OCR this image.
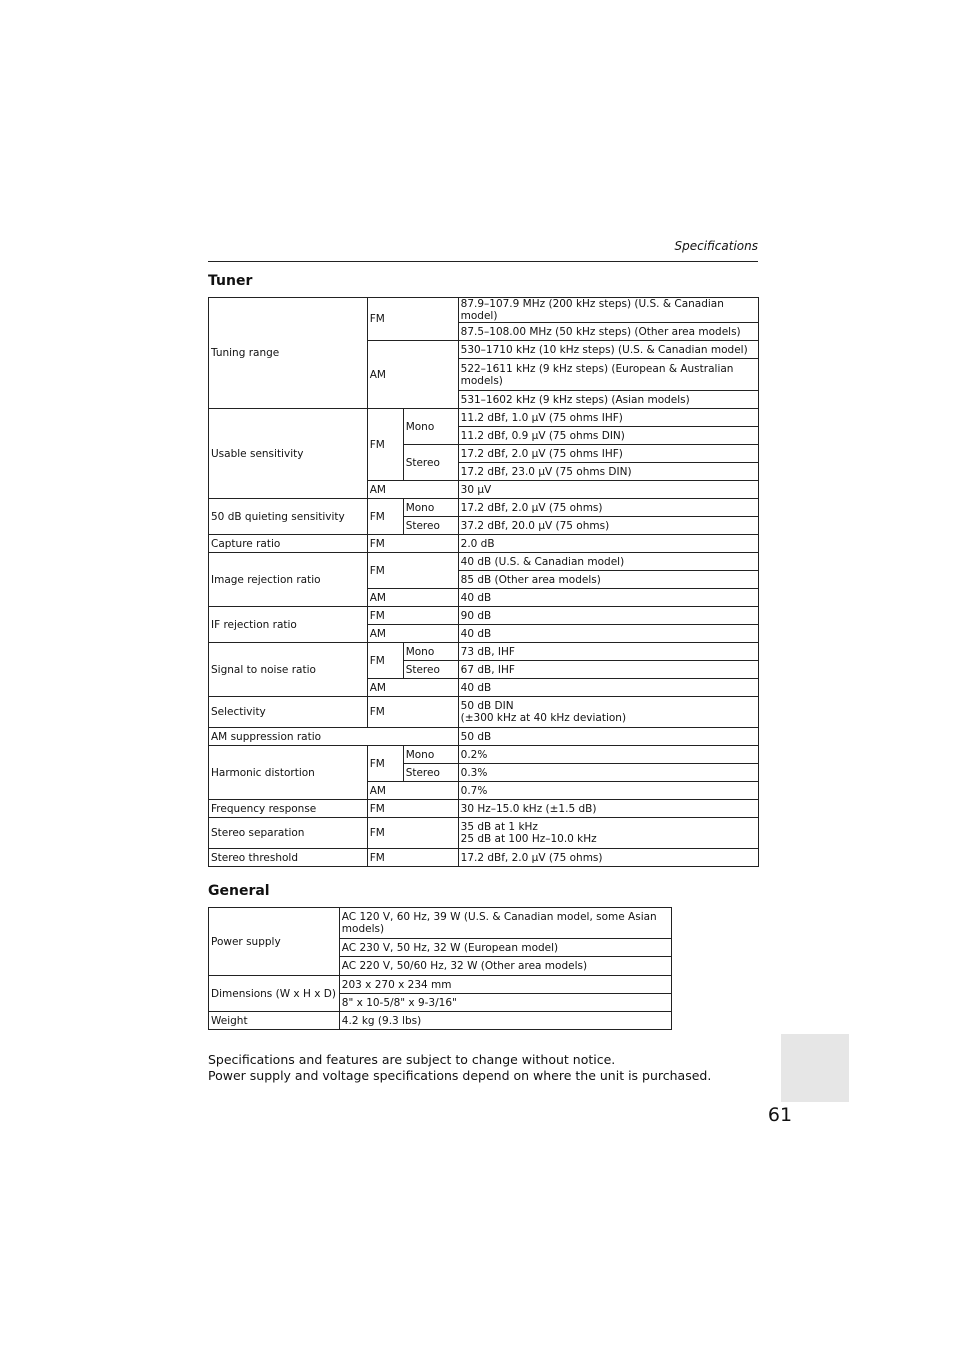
Specifications
Tuner
Tuning range	FM		87.9–107.9 MHz (200 kHz steps) (U.S. & Canadian model)
			87.5–108.00 MHz (50 kHz steps) (Other area models)
	AM		530–1710 kHz (10 kHz steps) (U.S. & Canadian model)
			522–1611 kHz (9 kHz steps) (European & Australian models)
			531–1602 kHz (9 kHz steps) (Asian models)
Usable sensitivity	FM	Mono	11.2 dBf, 1.0 µV (75 ohms IHF)
			11.2 dBf, 0.9 µV (75 ohms DIN)
		Stereo	17.2 dBf, 2.0 µV (75 ohms IHF)
			17.2 dBf, 23.0 µV (75 ohms DIN)
	AM		30 µV
50 dB quieting sensitivity	FM	Mono	17.2 dBf, 2.0 µV (75 ohms)
		Stereo	37.2 dBf, 20.0 µV (75 ohms)
Capture ratio	FM		2.0 dB
Image rejection ratio	FM		40 dB (U.S. & Canadian model)
			85 dB (Other area models)
	AM		40 dB
IF rejection ratio	FM		90 dB
	AM		40 dB
Signal to noise ratio	FM	Mono	73 dB, IHF
		Stereo	67 dB, IHF
	AM		40 dB
Selectivity	FM		50 dB DIN
(±300 kHz at 40 kHz deviation)

AM suppression ratio			50 dB
Harmonic distortion	FM	Mono	0.2%
		Stereo	0.3%
	AM		0.7%
Frequency response	FM		30 Hz–15.0 kHz (±1.5 dB)
Stereo separation	FM		35 dB at 1 kHz
25 dB at 100 Hz–10.0 kHz

Stereo threshold	FM		17.2 dBf, 2.0 µV (75 ohms)
General
Power supply	AC 120 V, 60 Hz, 39 W (U.S. & Canadian model, some Asian models)
	AC 230 V, 50 Hz, 32 W (European model)
	AC 220 V, 50/60 Hz, 32 W (Other area models)
Dimensions (W x H x D)	203 x 270 x 234 mm
	8" x 10-5/8" x 9-3/16"
Weight	4.2 kg (9.3 lbs)

Specifications and features are subject to change without notice.

Power supply and voltage specifications depend on where the unit is purchased.

61
